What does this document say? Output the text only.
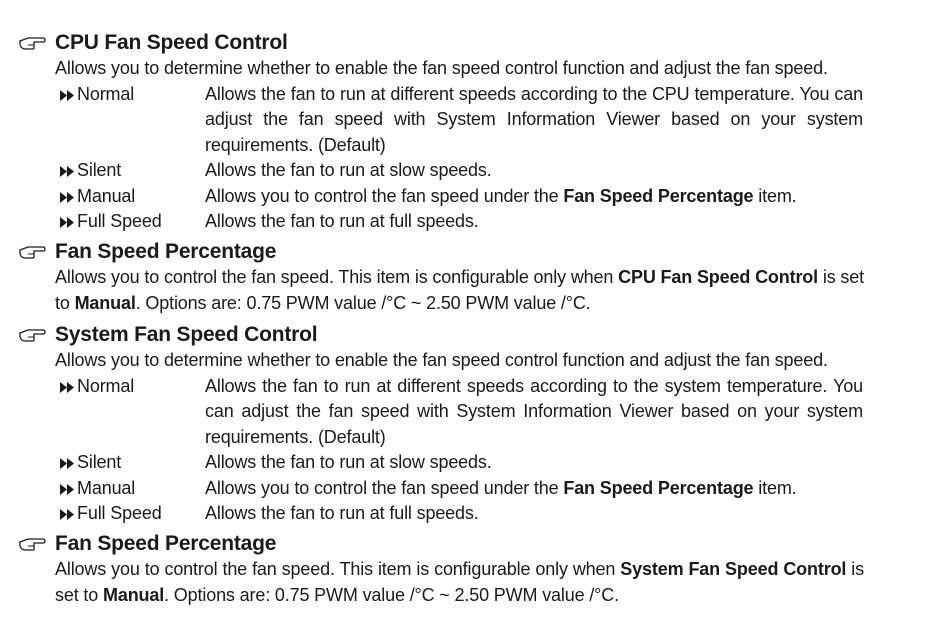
CPU Fan Speed Control
Allows you to determine whether to enable the fan speed control function and adjust the fan speed.
Normal	Allows the fan to run at different speeds according to the CPU temperature. You can adjust the fan speed with System Information Viewer based on your system requirements. (Default)
Silent	Allows the fan to run at slow speeds.
Manual	Allows you to control the fan speed under the Fan Speed Percentage item.
Full Speed	Allows the fan to run at full speeds.
Fan Speed Percentage
Allows you to control the fan speed. This item is configurable only when CPU Fan Speed Control is set to Manual. Options are: 0.75 PWM value /°C ~ 2.50 PWM value /°C.
System Fan Speed Control
Allows you to determine whether to enable the fan speed control function and adjust the fan speed.
Normal	Allows the fan to run at different speeds according to the system temperature. You can adjust the fan speed with System Information Viewer based on your system requirements. (Default)
Silent	Allows the fan to run at slow speeds.
Manual	Allows you to control the fan speed under the Fan Speed Percentage item.
Full Speed	Allows the fan to run at full speeds.
Fan Speed Percentage
Allows you to control the fan speed. This item is configurable only when System Fan Speed Control is set to Manual. Options are: 0.75 PWM value /°C ~ 2.50 PWM value /°C.
